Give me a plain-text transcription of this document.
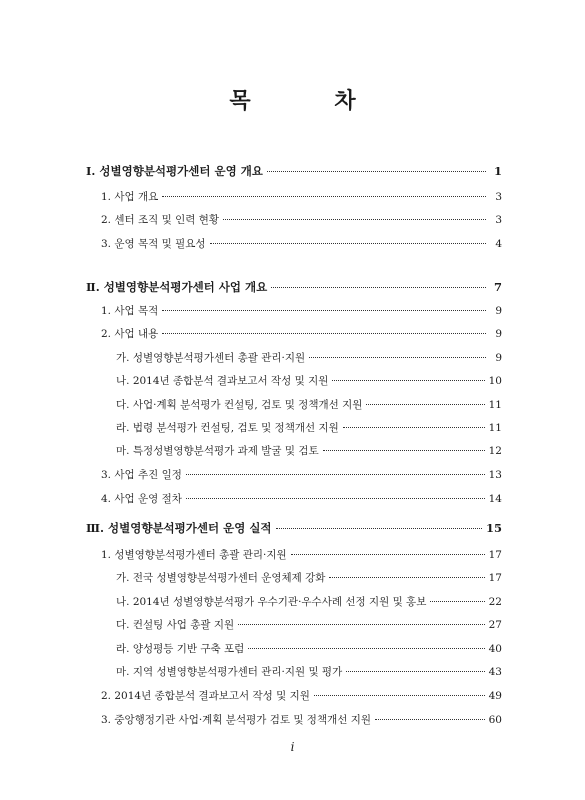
목 차
Ⅰ. 성별영향분석평가센터 운영 개요	1
1. 사업 개요	3
2. 센터 조직 및 인력 현황	3
3. 운영 목적 및 필요성	4
Ⅱ. 성별영향분석평가센터 사업 개요	7
1. 사업 목적	9
2. 사업 내용	9
가. 성별영향분석평가센터 총괄 관리·지원	9
나. 2014년 종합분석 결과보고서 작성 및 지원	10
다. 사업·계획 분석평가 컨설팅, 검토 및 정책개선 지원	11
라. 법령 분석평가 컨설팅, 검토 및 정책개선 지원	11
마. 특정성별영향분석평가 과제 발굴 및 검토	12
3. 사업 추진 일정	13
4. 사업 운영 절차	14
Ⅲ. 성별영향분석평가센터 운영 실적	15
1. 성별영향분석평가센터 총괄 관리·지원	17
가. 전국 성별영향분석평가센터 운영체제 강화	17
나. 2014년 성별영향분석평가 우수기관·우수사례 선정 지원 및 홍보	22
다. 컨설팅 사업 총괄 지원	27
라. 양성평등 기반 구축 포럼	40
마. 지역 성별영향분석평가센터 관리·지원 및 평가	43
2. 2014년 종합분석 결과보고서 작성 및 지원	49
3. 중앙행정기관 사업·계획 분석평가 검토 및 정책개선 지원	60
i
